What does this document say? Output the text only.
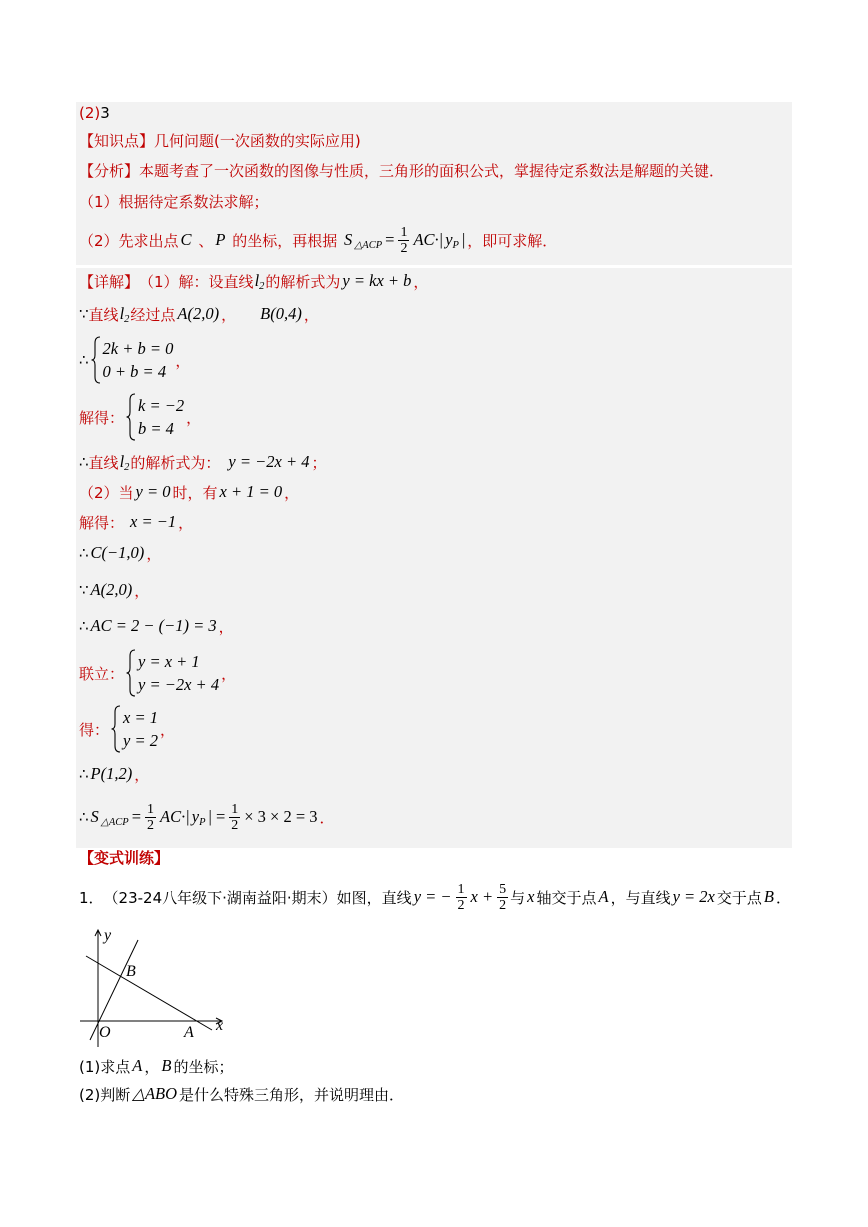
(2) 3
【知识点】 几何问题(一次函数的实际应用)
【分析】 本题考查了一次函数的图像与性质，三角形的面积公式，掌握待定系数法是解题的关键．
（1）根据待定系数法求解；
（2）先求出点 C 、 P 的坐标，再根据 S △ACP = $\frac{1}{2} AC\cdot|$ y P | ，即可求解．
【详解】 （1）解：设直线 l 2 的解析式为 y = kx + b ，
∵ 直线 l 2 经过点 A(2,0) ， B(0,4) ，
∴
2k + b = 0
0 + b = 4
，
解得：
k = −2
b = 4
，
∴ 直线 l 2 的解析式为： y = −2x + 4 ；
（2）当 y = 0 时，有 x + 1 = 0 ，
解得： x = −1 ，
∴ C(−1,0) ，
∵ A(2,0) ，
∴ AC = 2 − (−1) = 3 ，
联立：
y = x + 1
y = −2x + 4
，
得：
x = 1
y = 2
，
∴ P(1,2) ，
∴ S △ACP = $\frac{1}{2} AC\cdot|$ y P | = $\frac{1}{2} \times 3 \times 2 = 3$ ．
【变式训练】
1． （23-24八年级下·湖南益阳·期末） 如图，直线 y = − $\frac{1}{2}$ $x + \frac{5}{2}$ 与 x 轴交于点 A ，与直线 y = 2x 交于点 B ．
y
x
B
O	A
(1)求点 A ， B 的坐标；
(2)判断 △ABO 是什么特殊三角形，并说明理由．
